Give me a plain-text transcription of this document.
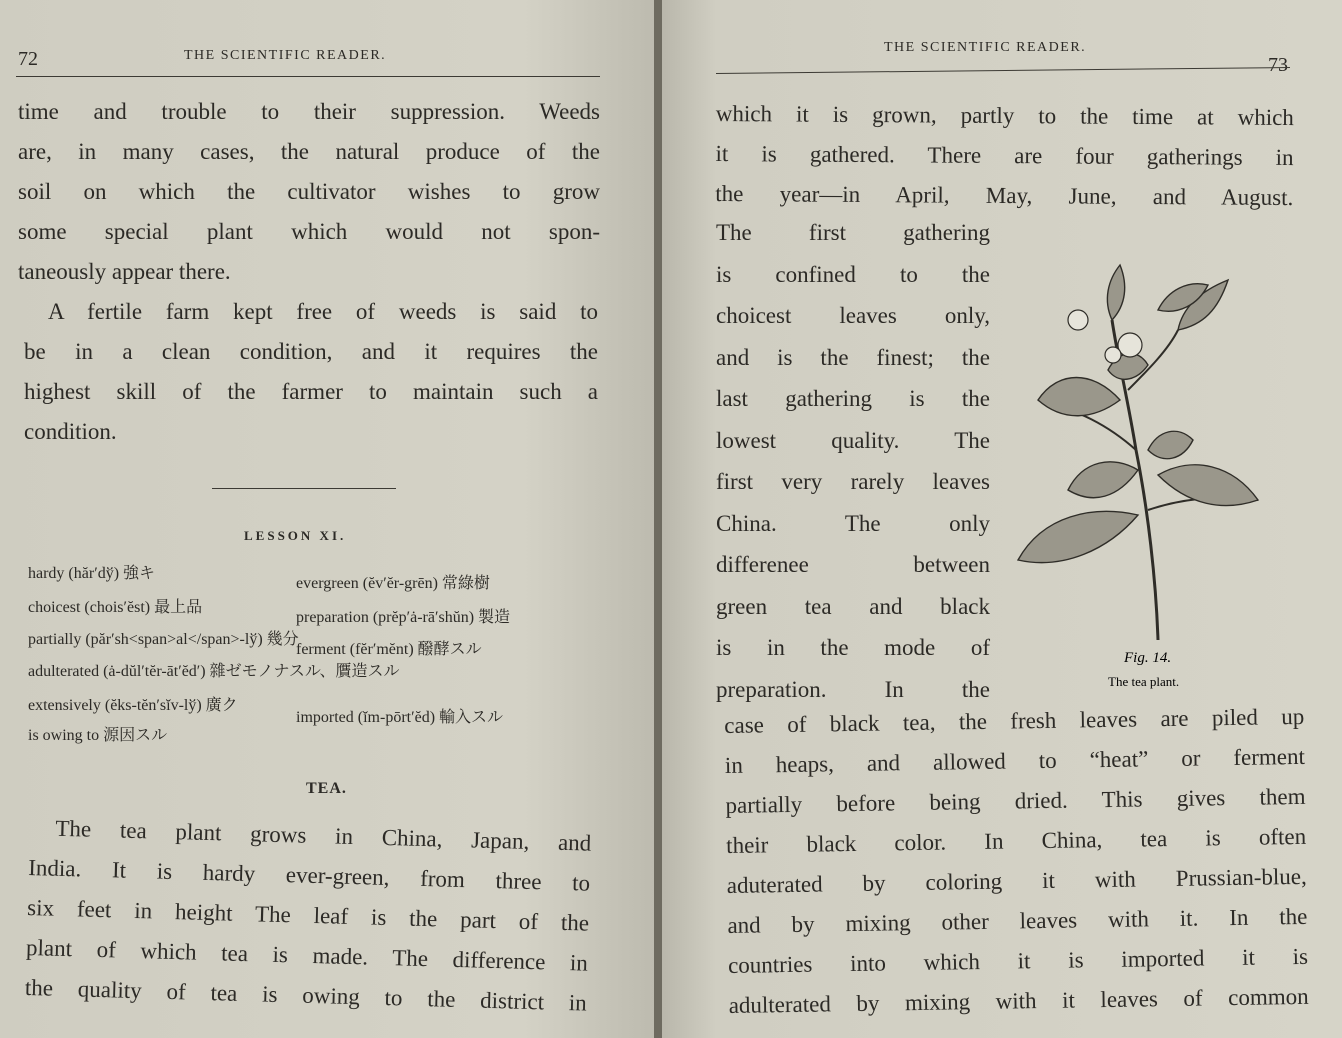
72	THE SCIENTIFIC READER.
time and trouble to their suppression. Weeds
are, in many cases, the natural produce of the
soil on which the cultivator wishes to grow
some special plant which would not spon-
taneously appear there.
A fertile farm kept free of weeds is said to
be in a clean condition, and it requires the
highest skill of the farmer to maintain such a
condition.
LESSON XI.
hardy (hăr′dў) 強キ
choicest (chois′ĕst) 最上品
partially (păr′sh<span>al</span>-lў) 幾分
adulterated (ȧ-dŭl′tĕr-āt′ĕd′) 雜ゼモノナスル、贋造スル
extensively (ĕks-tĕn′sĭv-lў) 廣ク
is owing to 源因スル
evergreen (ĕv′ĕr-grēn) 常綠樹
preparation (prĕp′ȧ-rā′shŭn) 製造
ferment (fĕr′mĕnt) 醱酵スル
imported (ĭm-pōrt′ĕd) 輸入スル
TEA.
The tea plant grows in China, Japan, and
India. It is hardy ever-green, from three to
six feet in height The leaf is the part of the
plant of which tea is made. The difference in
the quality of tea is owing to the district in
THE SCIENTIFIC READER.
73
which it is grown, partly to the time at which
it is gathered. There are four gatherings in
the year—in April, May, June, and August.
The first gathering
is confined to the
choicest leaves only,
and is the finest; the
last gathering is the
lowest quality. The
first very rarely leaves
China. The only
differenee between
green tea and black
is in the mode of
preparation. In the
case of black tea, the fresh leaves are piled up
in heaps, and allowed to “heat” or ferment
partially before being dried. This gives them
their black color. In China, tea is often
aduterated by coloring it with Prussian-blue,
and by mixing other leaves with it. In the
countries into which it is imported it is
adulterated by mixing with it leaves of common
Fig. 14.
The tea plant.
